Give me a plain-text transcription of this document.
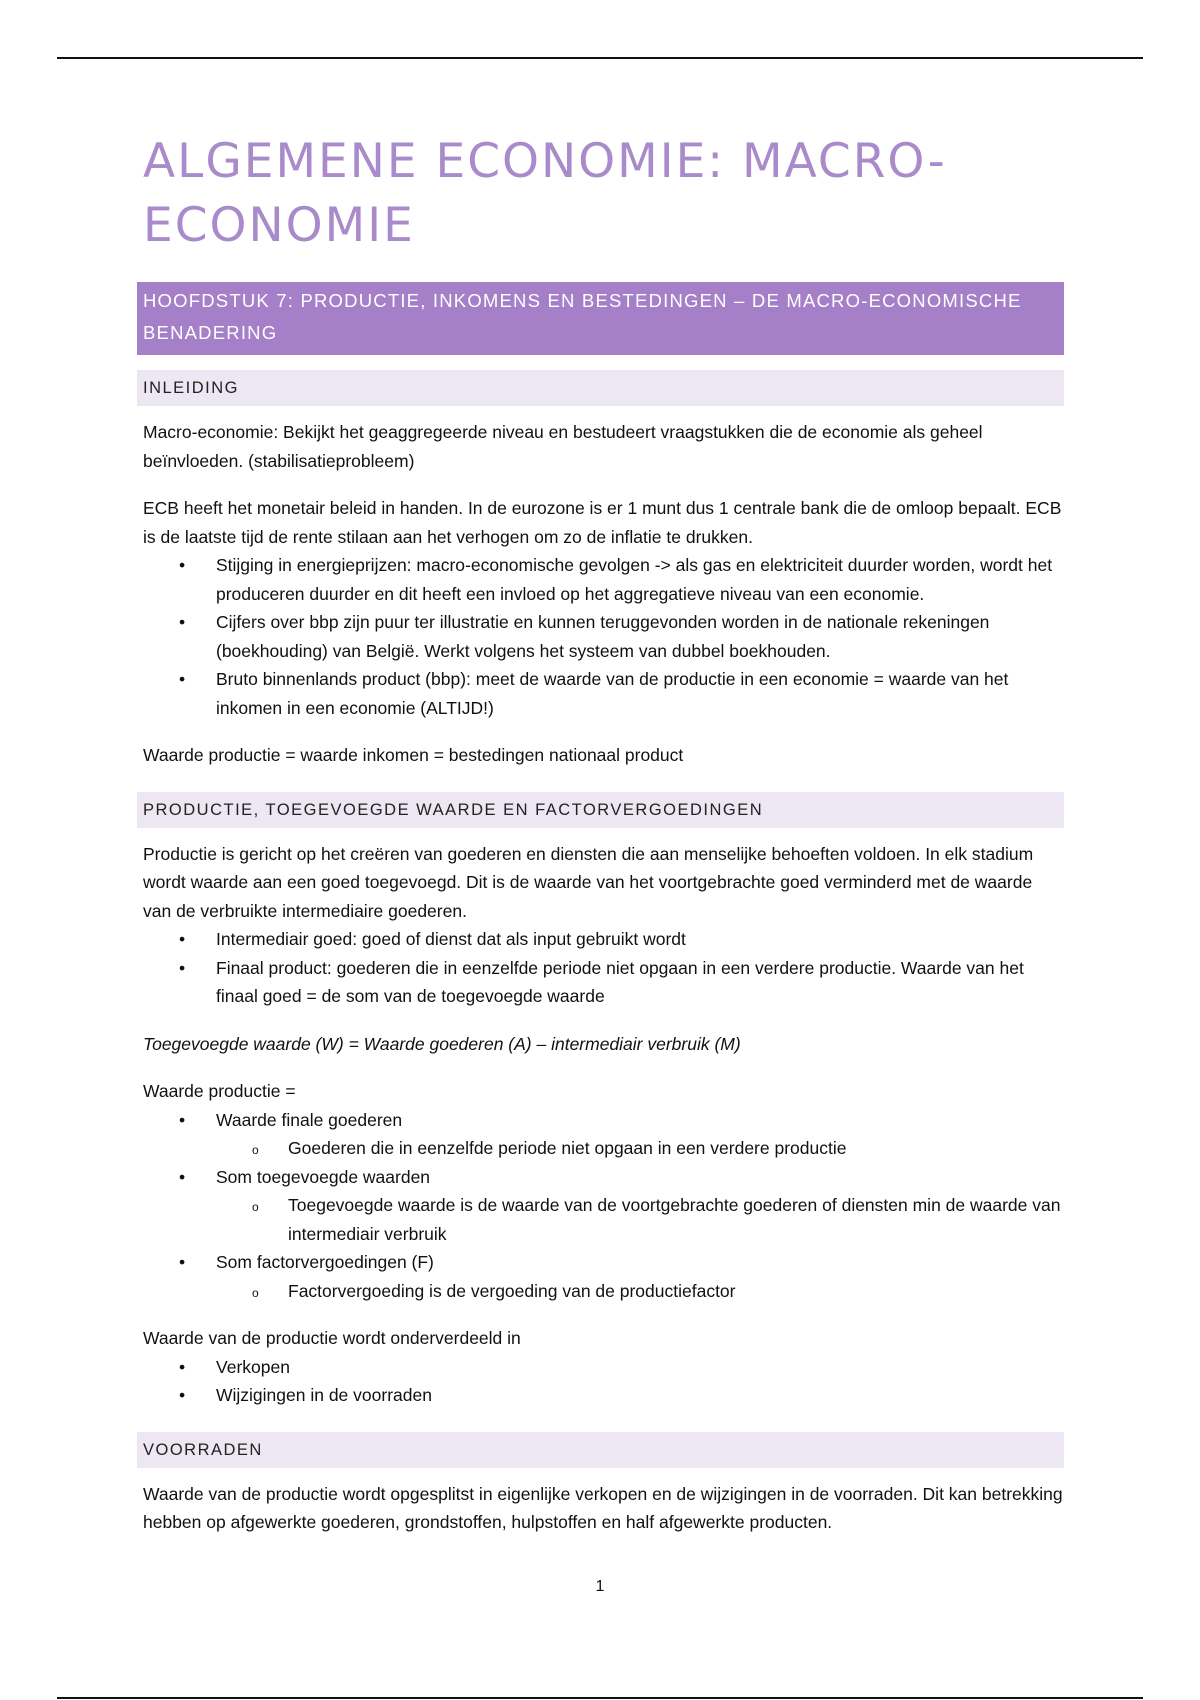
ALGEMENE ECONOMIE: MACRO-ECONOMIE
HOOFDSTUK 7: PRODUCTIE, INKOMENS EN BESTEDINGEN – DE MACRO-ECONOMISCHE BENADERING
INLEIDING

Macro-economie: Bekijkt het geaggregeerde niveau en bestudeert vraagstukken die de economie als geheel beïnvloeden. (stabilisatieprobleem)

ECB heeft het monetair beleid in handen. In de eurozone is er 1 munt dus 1 centrale bank die de omloop bepaalt. ECB is de laatste tijd de rente stilaan aan het verhogen om zo de inflatie te drukken.

• Stijging in energieprijzen: macro-economische gevolgen -> als gas en elektriciteit duurder worden, wordt het produceren duurder en dit heeft een invloed op het aggregatieve niveau van een economie.
• Cijfers over bbp zijn puur ter illustratie en kunnen teruggevonden worden in de nationale rekeningen (boekhouding) van België. Werkt volgens het systeem van dubbel boekhouden.
• Bruto binnenlands product (bbp): meet de waarde van de productie in een economie = waarde van het inkomen in een economie (ALTIJD!)

Waarde productie = waarde inkomen = bestedingen nationaal product

PRODUCTIE, TOEGEVOEGDE WAARDE EN FACTORVERGOEDINGEN

Productie is gericht op het creëren van goederen en diensten die aan menselijke behoeften voldoen. In elk stadium wordt waarde aan een goed toegevoegd. Dit is de waarde van het voortgebrachte goed verminderd met de waarde van de verbruikte intermediaire goederen.

• Intermediair goed: goed of dienst dat als input gebruikt wordt
• Finaal product: goederen die in eenzelfde periode niet opgaan in een verdere productie. Waarde van het finaal goed = de som van de toegevoegde waarde

Toegevoegde waarde (W) = Waarde goederen (A) – intermediair verbruik (M)

Waarde productie =

• Waarde finale goederen
o Goederen die in eenzelfde periode niet opgaan in een verdere productie
• Som toegevoegde waarden
o Toegevoegde waarde is de waarde van de voortgebrachte goederen of diensten min de waarde van intermediair verbruik
• Som factorvergoedingen (F)
o Factorvergoeding is de vergoeding van de productiefactor

Waarde van de productie wordt onderverdeeld in

• Verkopen
• Wijzigingen in de voorraden
VOORRADEN

Waarde van de productie wordt opgesplitst in eigenlijke verkopen en de wijzigingen in de voorraden. Dit kan betrekking hebben op afgewerkte goederen, grondstoffen, hulpstoffen en half afgewerkte producten.

1
